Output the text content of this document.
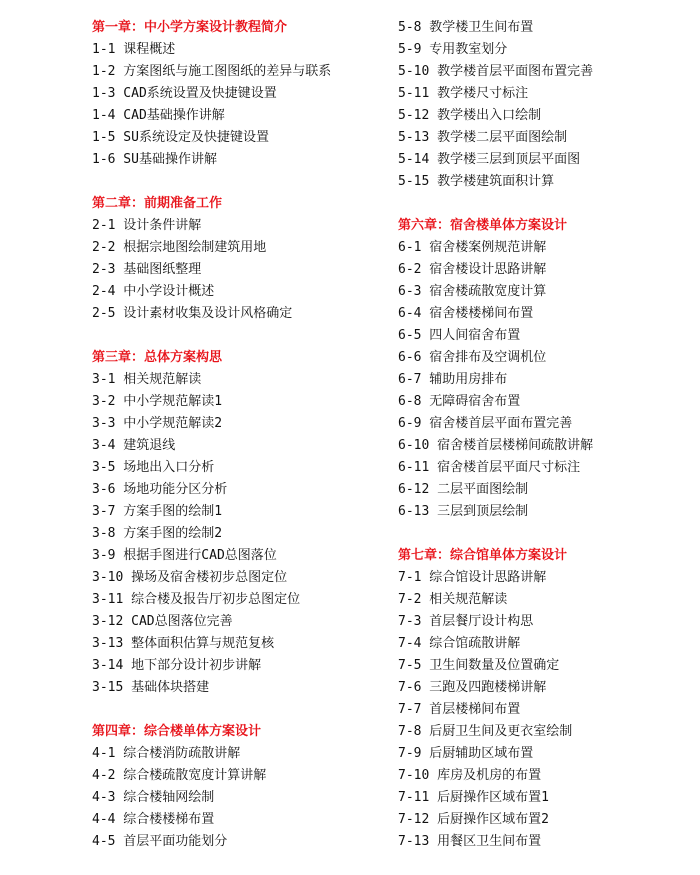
第一章：中小学方案设计教程简介
1-1 课程概述
1-2 方案图纸与施工图图纸的差异与联系
1-3 CAD系统设置及快捷键设置
1-4 CAD基础操作讲解
1-5 SU系统设定及快捷键设置
1-6 SU基础操作讲解
第二章：前期准备工作
2-1 设计条件讲解
2-2 根据宗地图绘制建筑用地
2-3 基础图纸整理
2-4 中小学设计概述
2-5 设计素材收集及设计风格确定
第三章：总体方案构思
3-1 相关规范解读
3-2 中小学规范解读1
3-3 中小学规范解读2
3-4 建筑退线
3-5 场地出入口分析
3-6 场地功能分区分析
3-7 方案手图的绘制1
3-8 方案手图的绘制2
3-9 根据手图进行CAD总图落位
3-10 操场及宿舍楼初步总图定位
3-11 综合楼及报告厅初步总图定位
3-12 CAD总图落位完善
3-13 整体面积估算与规范复核
3-14 地下部分设计初步讲解
3-15 基础体块搭建
第四章：综合楼单体方案设计
4-1 综合楼消防疏散讲解
4-2 综合楼疏散宽度计算讲解
4-3 综合楼轴网绘制
4-4 综合楼楼梯布置
4-5 首层平面功能划分
5-8 教学楼卫生间布置
5-9 专用教室划分
5-10 教学楼首层平面图布置完善
5-11 教学楼尺寸标注
5-12 教学楼出入口绘制
5-13 教学楼二层平面图绘制
5-14 教学楼三层到顶层平面图
5-15 教学楼建筑面积计算
第六章：宿舍楼单体方案设计
6-1 宿舍楼案例规范讲解
6-2 宿舍楼设计思路讲解
6-3 宿舍楼疏散宽度计算
6-4 宿舍楼楼梯间布置
6-5 四人间宿舍布置
6-6 宿舍排布及空调机位
6-7 辅助用房排布
6-8 无障碍宿舍布置
6-9 宿舍楼首层平面布置完善
6-10 宿舍楼首层楼梯间疏散讲解
6-11 宿舍楼首层平面尺寸标注
6-12 二层平面图绘制
6-13 三层到顶层绘制
第七章：综合馆单体方案设计
7-1 综合馆设计思路讲解
7-2 相关规范解读
7-3 首层餐厅设计构思
7-4 综合馆疏散讲解
7-5 卫生间数量及位置确定
7-6 三跑及四跑楼梯讲解
7-7 首层楼梯间布置
7-8 后厨卫生间及更衣室绘制
7-9 后厨辅助区域布置
7-10 库房及机房的布置
7-11 后厨操作区域布置1
7-12 后厨操作区域布置2
7-13 用餐区卫生间布置
